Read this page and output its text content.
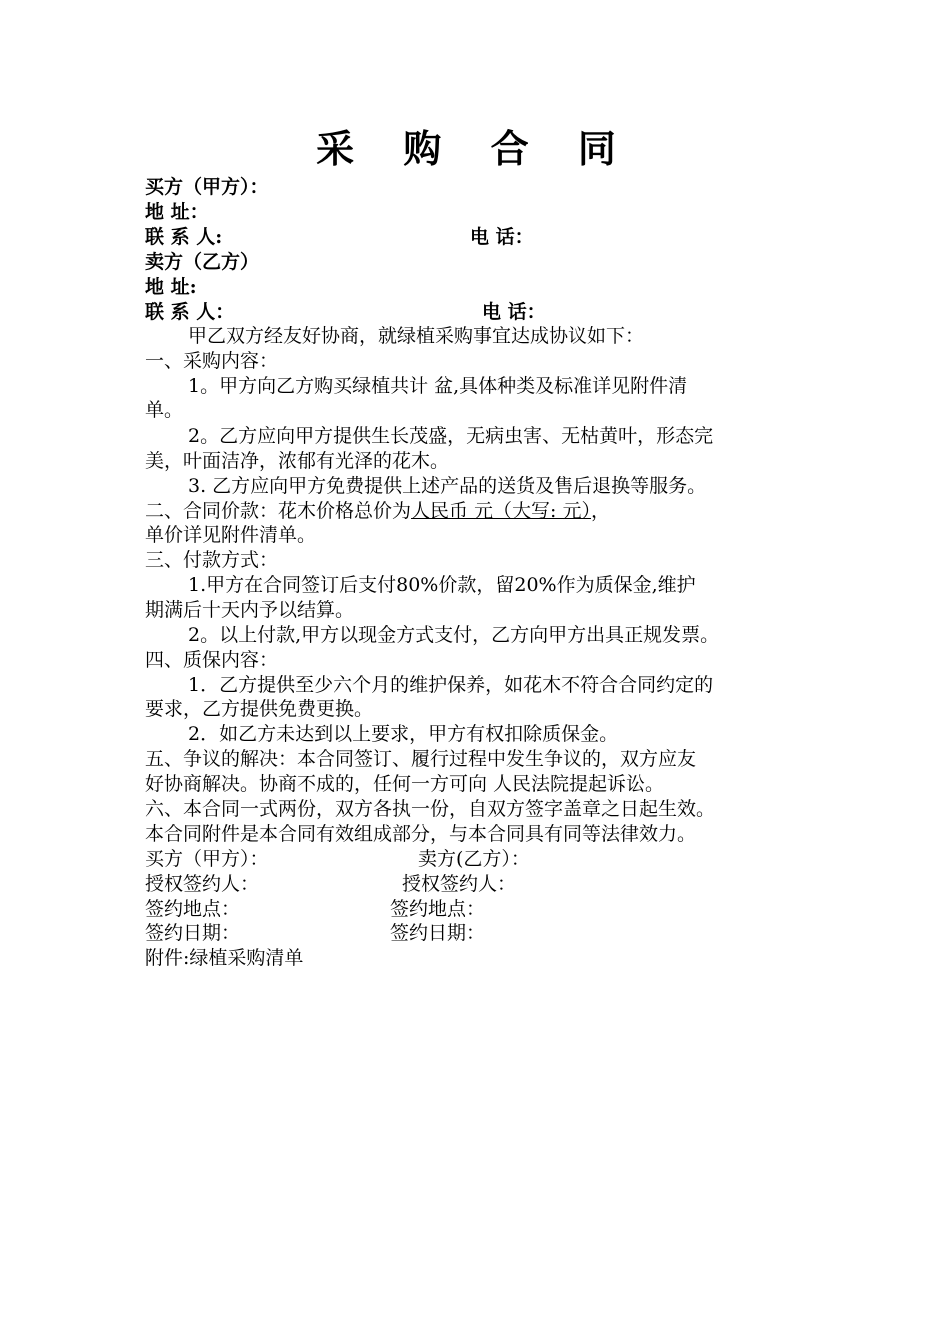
采 购 合 同
买方（甲方）：
地 址：
联 系 人:	电 话：
卖方（乙方）
地 址:
联 系 人：	电 话：
甲乙双方经友好协商，就绿植采购事宜达成协议如下：
一、采购内容：
1。甲方向乙方购买绿植共计 盆,具体种类及标准详见附件清
单。
2。乙方应向甲方提供生长茂盛，无病虫害、无枯黄叶，形态完
美，叶面洁净，浓郁有光泽的花木。
3. 乙方应向甲方免费提供上述产品的送货及售后退换等服务。
二、合同价款：花木价格总价为人民币 元（大写: 元），
单价详见附件清单。
三、付款方式：
1.甲方在合同签订后支付80%价款，留20%作为质保金,维护
期满后十天内予以结算。
2。以上付款,甲方以现金方式支付，乙方向甲方出具正规发票。
四、质保内容：
1．乙方提供至少六个月的维护保养，如花木不符合合同约定的
要求，乙方提供免费更换。
2．如乙方未达到以上要求，甲方有权扣除质保金。
五、争议的解决：本合同签订、履行过程中发生争议的，双方应友
好协商解决。协商不成的，任何一方可向 人民法院提起诉讼。
六、本合同一式两份，双方各执一份，自双方签字盖章之日起生效。
本合同附件是本合同有效组成部分，与本合同具有同等法律效力。
买方（甲方）：	卖方(乙方）：
授权签约人：	授权签约人：
签约地点：	签约地点：
签约日期：	签约日期：
附件:绿植采购清单
